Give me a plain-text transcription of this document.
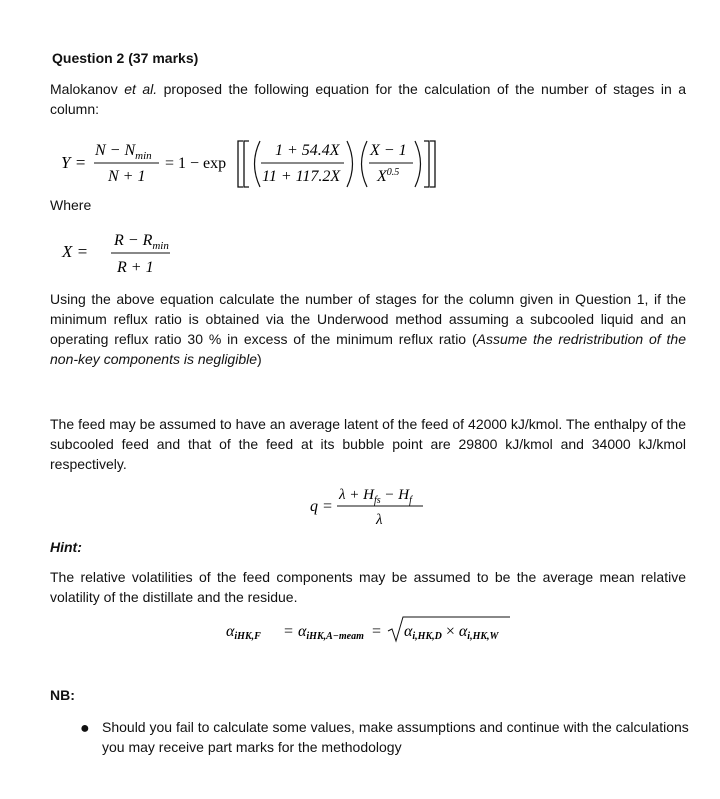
Question 2 (37 marks)
Malokanov et al. proposed the following equation for the calculation of the number of stages in a column:
Y =
$N - N_{min}$
N + 1
= 1 − exp
1 + 54.4X
11 + 117.2X
X − 1
$X^{0.5}$
Where
X =
$R - R_{min}$
R + 1
Using the above equation calculate the number of stages for the column given in Question 1, if the minimum reflux ratio is obtained via the Underwood method assuming a subcooled liquid and an operating reflux ratio 30 % in excess of the minimum reflux ratio (Assume the redristribution of the non-key components is negligible)
The feed may be assumed to have an average latent of the feed of 42000 kJ/kmol. The enthalpy of the subcooled feed and that of the feed at its bubble point are 29800 kJ/kmol and 34000 kJ/kmol respectively.
q =
$\lambda + H_{fs} - H_f$
λ
Hint:
The relative volatilities of the feed components may be assumed to be the average mean relative volatility of the distillate and the residue.
αiHK,F = αiHK,A−meam = αi,HK,D × αi,HK,W
NB:
● Should you fail to calculate some values, make assumptions and continue with the calculations you may receive part marks for the methodology
